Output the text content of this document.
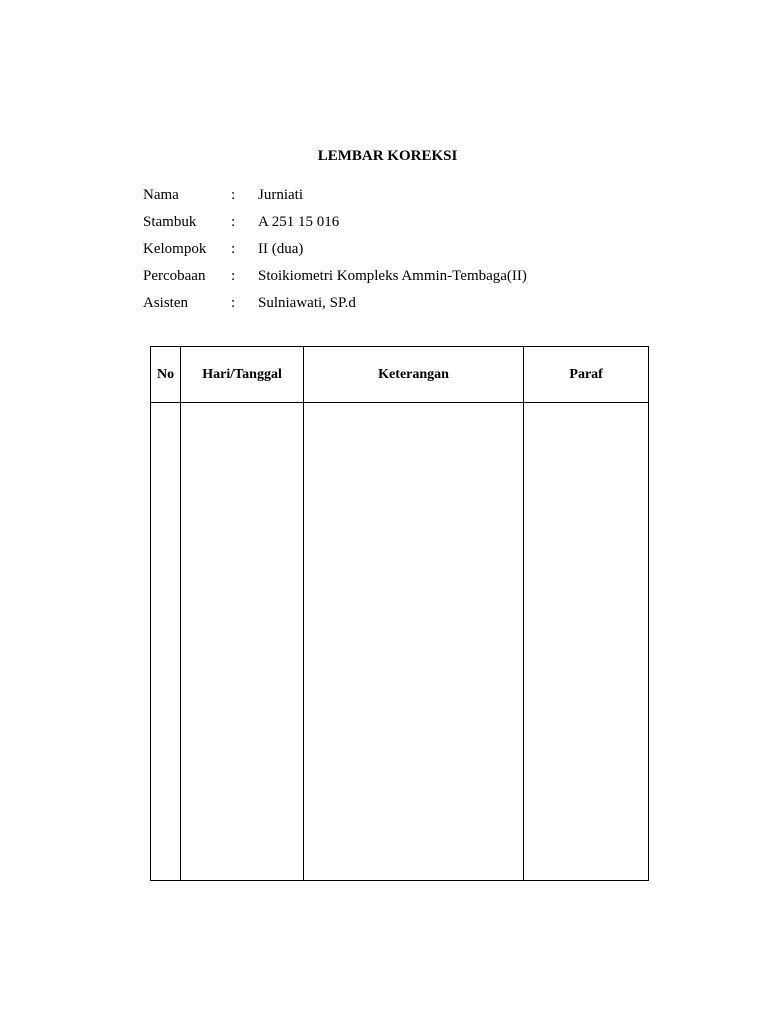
LEMBAR KOREKSI
Nama	: Jurniati
Stambuk : A 251 15 016
Kelompok : II (dua)
Percobaan : Stoikiometri Kompleks Ammin-Tembaga(II)
Asisten	: Sulniawati, SP.d
No	Hari/Tanggal	Keterangan	Paraf
